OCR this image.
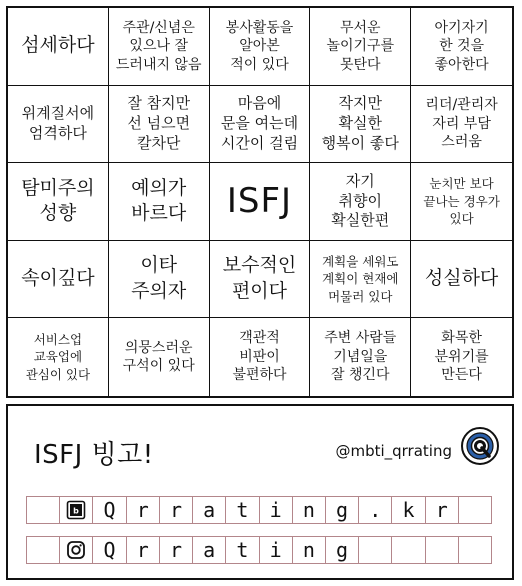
섬세하다
주관/신념은
있으나 잘
드러내지 않음
봉사활동을
알아본
적이 있다
무서운
놀이기구를
못탄다
아기자기
한 것을
좋아한다
위계질서에
엄격하다
잘 참지만
선 넘으면
칼차단
마음에
문을 여는데
시간이 걸림
작지만
확실한
행복이 좋다
리더/관리자
자리 부담
스러움
탐미주의
성향
예의가
바르다	ISFJ
자기
취향이
확실한편
눈치만 보다
끝나는 경우가
있다
속이깊다
이타
주의자
보수적인
편이다
계획을 세워도
계획이 현재에
머물러 있다
성실하다
서비스업
교육업에
관심이 있다
의뭉스러운
구석이 있다
객관적
비판이
불편하다
주변 사람들
기념일을
잘 챙긴다
화목한
분위기를
만든다
ISFJ 빙고!	@mbti_qrrating
b	Q	r	r	a	t	i	n	g	.	k	r
Q	r	r	a	t	i	n	g
